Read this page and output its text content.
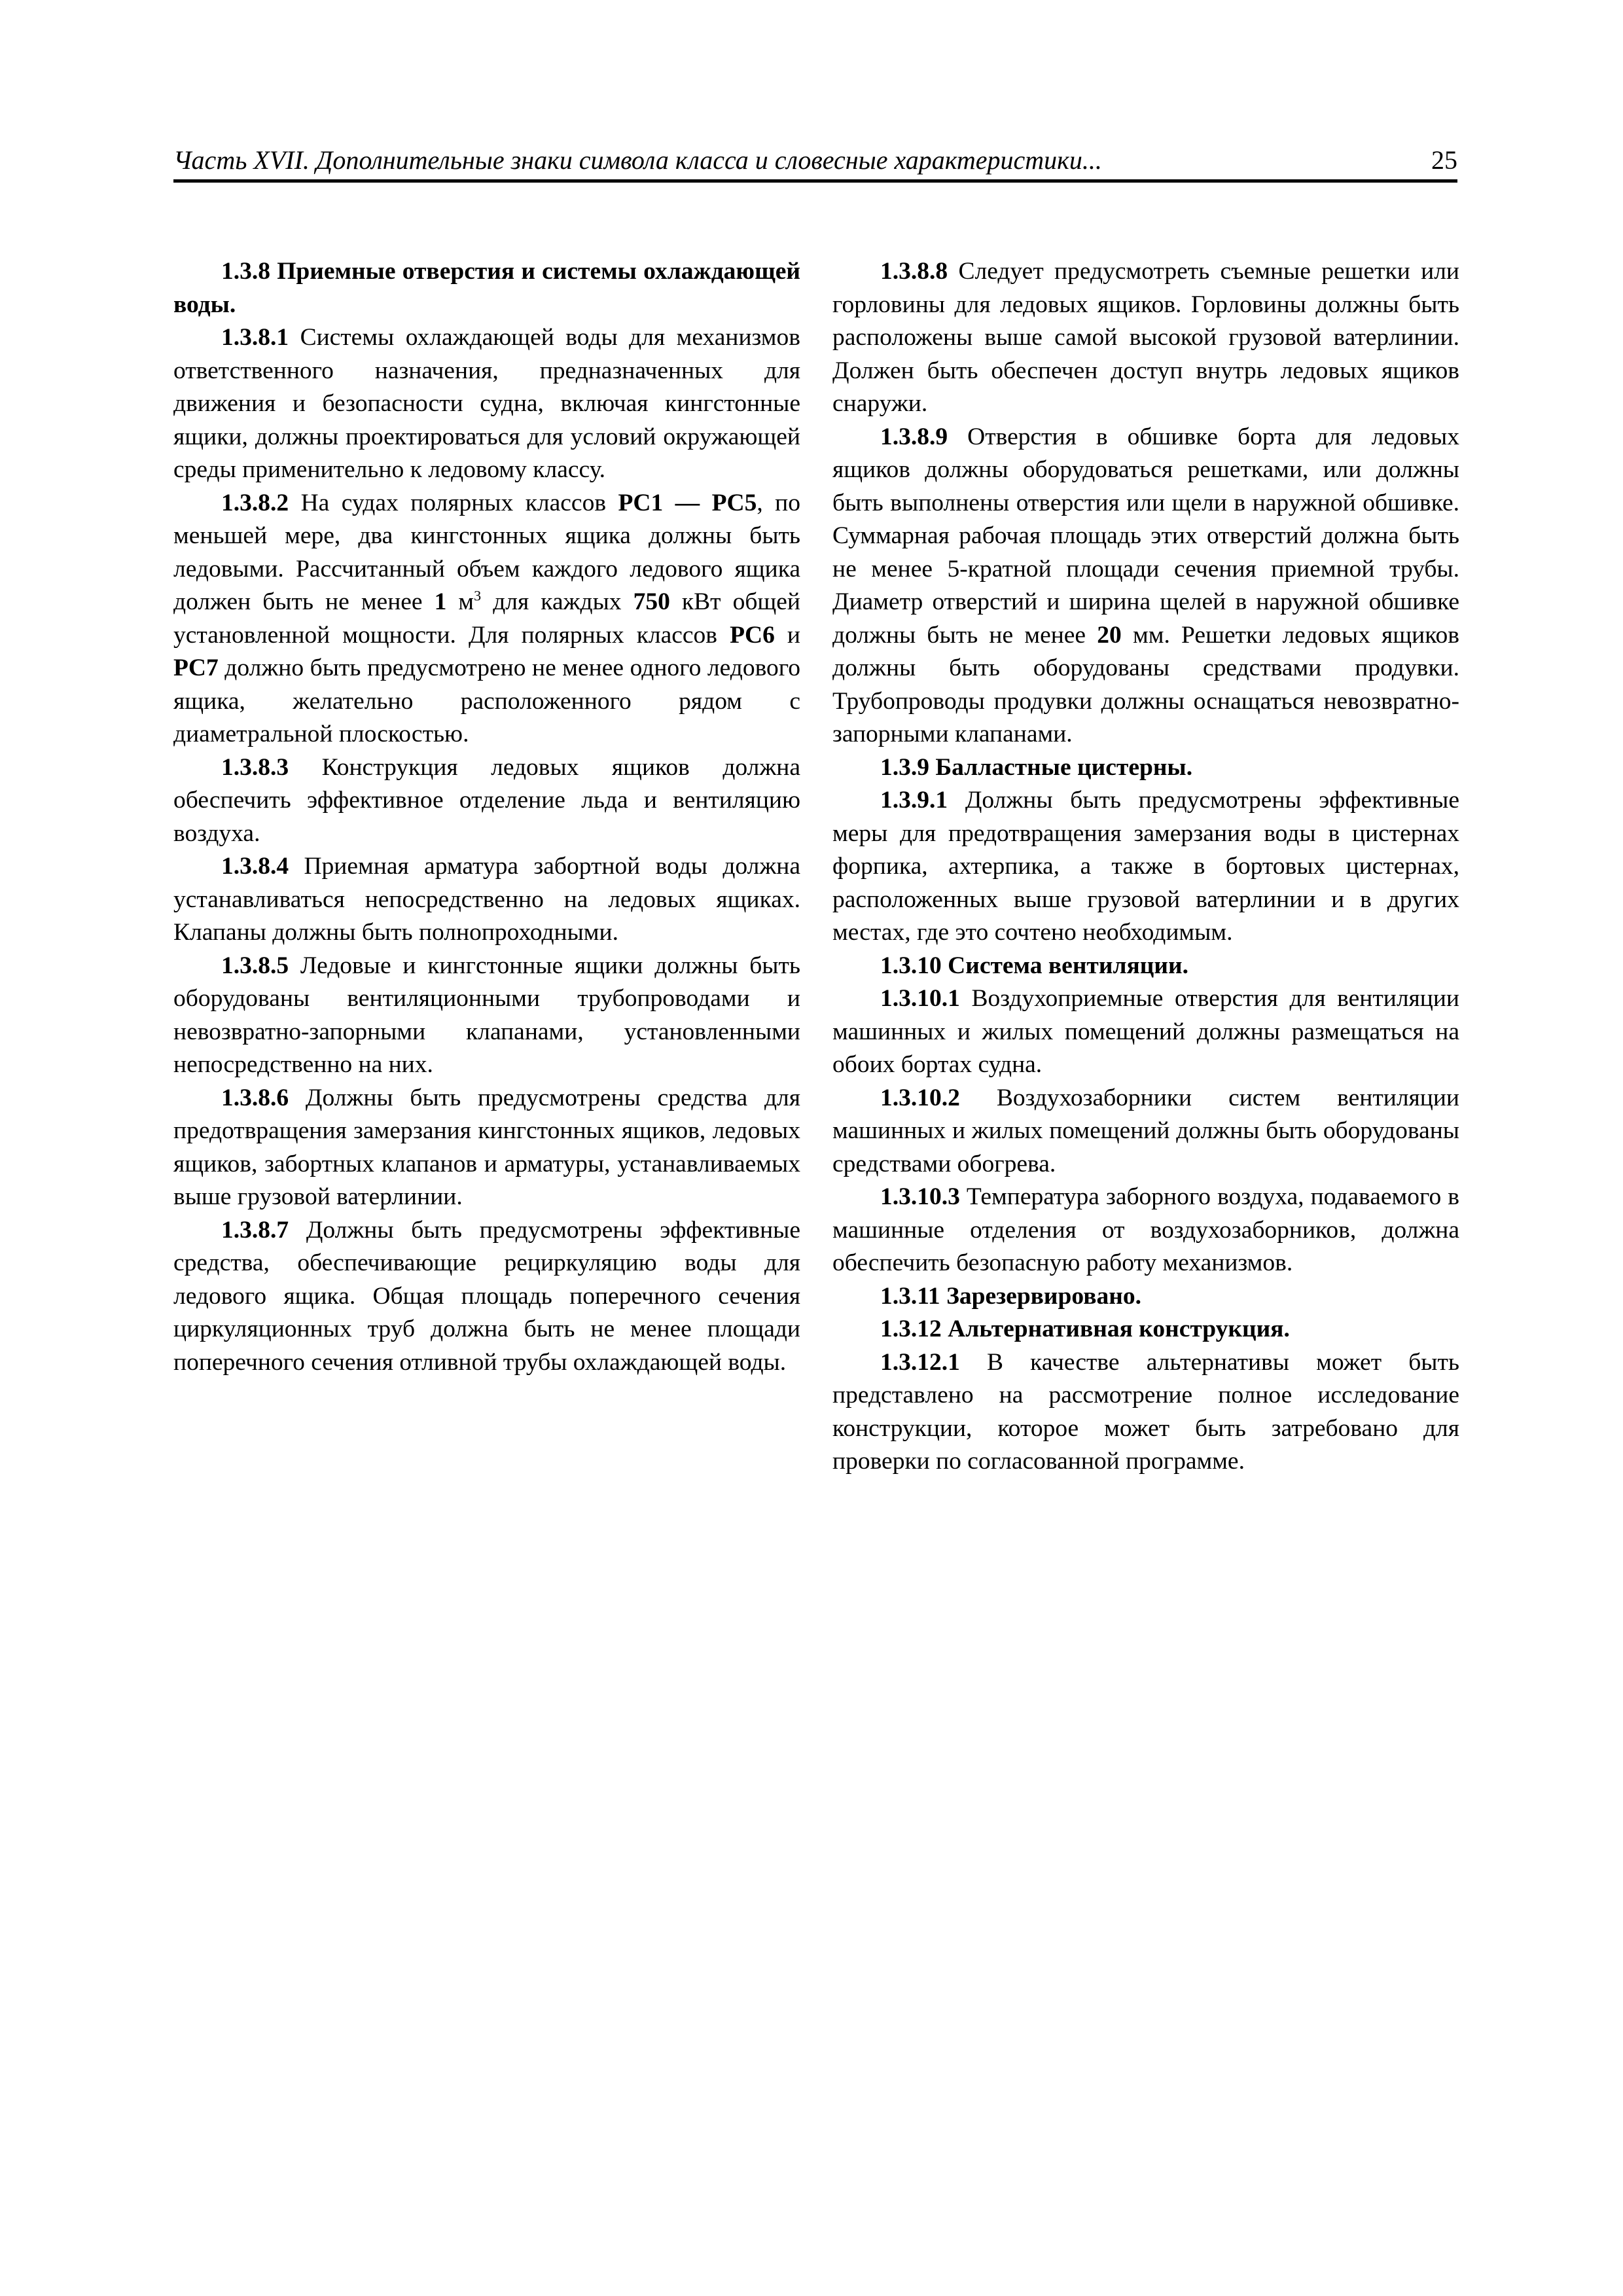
Часть XVII. Дополнительные знаки символа класса и словесные характеристики...	25

1.3.8 Приемные отверстия и системы охлаждающей воды.

1.3.8.1 Системы охлаждающей воды для механизмов ответственного назначения, предназначенных для движения и безопасности судна, включая кингстонные ящики, должны проектироваться для условий окружающей среды применительно к ледовому классу.

1.3.8.2 На судах полярных классов PC1 — PC5, по меньшей мере, два кингстонных ящика должны быть ледовыми. Рассчитанный объем каждого ледового ящика должен быть не менее 1 $м^3$ для каждых 750 кВт общей установленной мощности. Для полярных классов PC6 и PC7 должно быть предусмотрено не менее одного ледового ящика, желательно расположенного рядом с диаметральной плоскостью.

1.3.8.3 Конструкция ледовых ящиков должна обеспечить эффективное отделение льда и вентиляцию воздуха.

1.3.8.4 Приемная арматура забортной воды должна устанавливаться непосредственно на ледовых ящиках. Клапаны должны быть полнопроходными.

1.3.8.5 Ледовые и кингстонные ящики должны быть оборудованы вентиляционными трубопроводами и невозвратно-запорными клапанами, установленными непосредственно на них.

1.3.8.6 Должны быть предусмотрены средства для предотвращения замерзания кингстонных ящиков, ледовых ящиков, забортных клапанов и арматуры, устанавливаемых выше грузовой ватерлинии.

1.3.8.7 Должны быть предусмотрены эффективные средства, обеспечивающие рециркуляцию воды для ледового ящика. Общая площадь поперечного сечения циркуляционных труб должна быть не менее площади поперечного сечения отливной трубы охлаждающей воды.

1.3.8.8 Следует предусмотреть съемные решетки или горловины для ледовых ящиков. Горловины должны быть расположены выше самой высокой грузовой ватерлинии. Должен быть обеспечен доступ внутрь ледовых ящиков снаружи.

1.3.8.9 Отверстия в обшивке борта для ледовых ящиков должны оборудоваться решетками, или должны быть выполнены отверстия или щели в наружной обшивке. Суммарная рабочая площадь этих отверстий должна быть не менее 5-кратной площади сечения приемной трубы. Диаметр отверстий и ширина щелей в наружной обшивке должны быть не менее 20 мм. Решетки ледовых ящиков должны быть оборудованы средствами продувки. Трубопроводы продувки должны оснащаться невозвратно-запорными клапанами.

1.3.9 Балластные цистерны.

1.3.9.1 Должны быть предусмотрены эффективные меры для предотвращения замерзания воды в цистернах форпика, ахтерпика, а также в бортовых цистернах, расположенных выше грузовой ватерлинии и в других местах, где это сочтено необходимым.

1.3.10 Система вентиляции.

1.3.10.1 Воздухоприемные отверстия для вентиляции машинных и жилых помещений должны размещаться на обоих бортах судна.

1.3.10.2 Воздухозаборники систем вентиляции машинных и жилых помещений должны быть оборудованы средствами обогрева.

1.3.10.3 Температура заборного воздуха, подаваемого в машинные отделения от воздухозаборников, должна обеспечить безопасную работу механизмов.

1.3.11 Зарезервировано.

1.3.12 Альтернативная конструкция.

1.3.12.1 В качестве альтернативы может быть представлено на рассмотрение полное исследование конструкции, которое может быть затребовано для проверки по согласованной программе.
